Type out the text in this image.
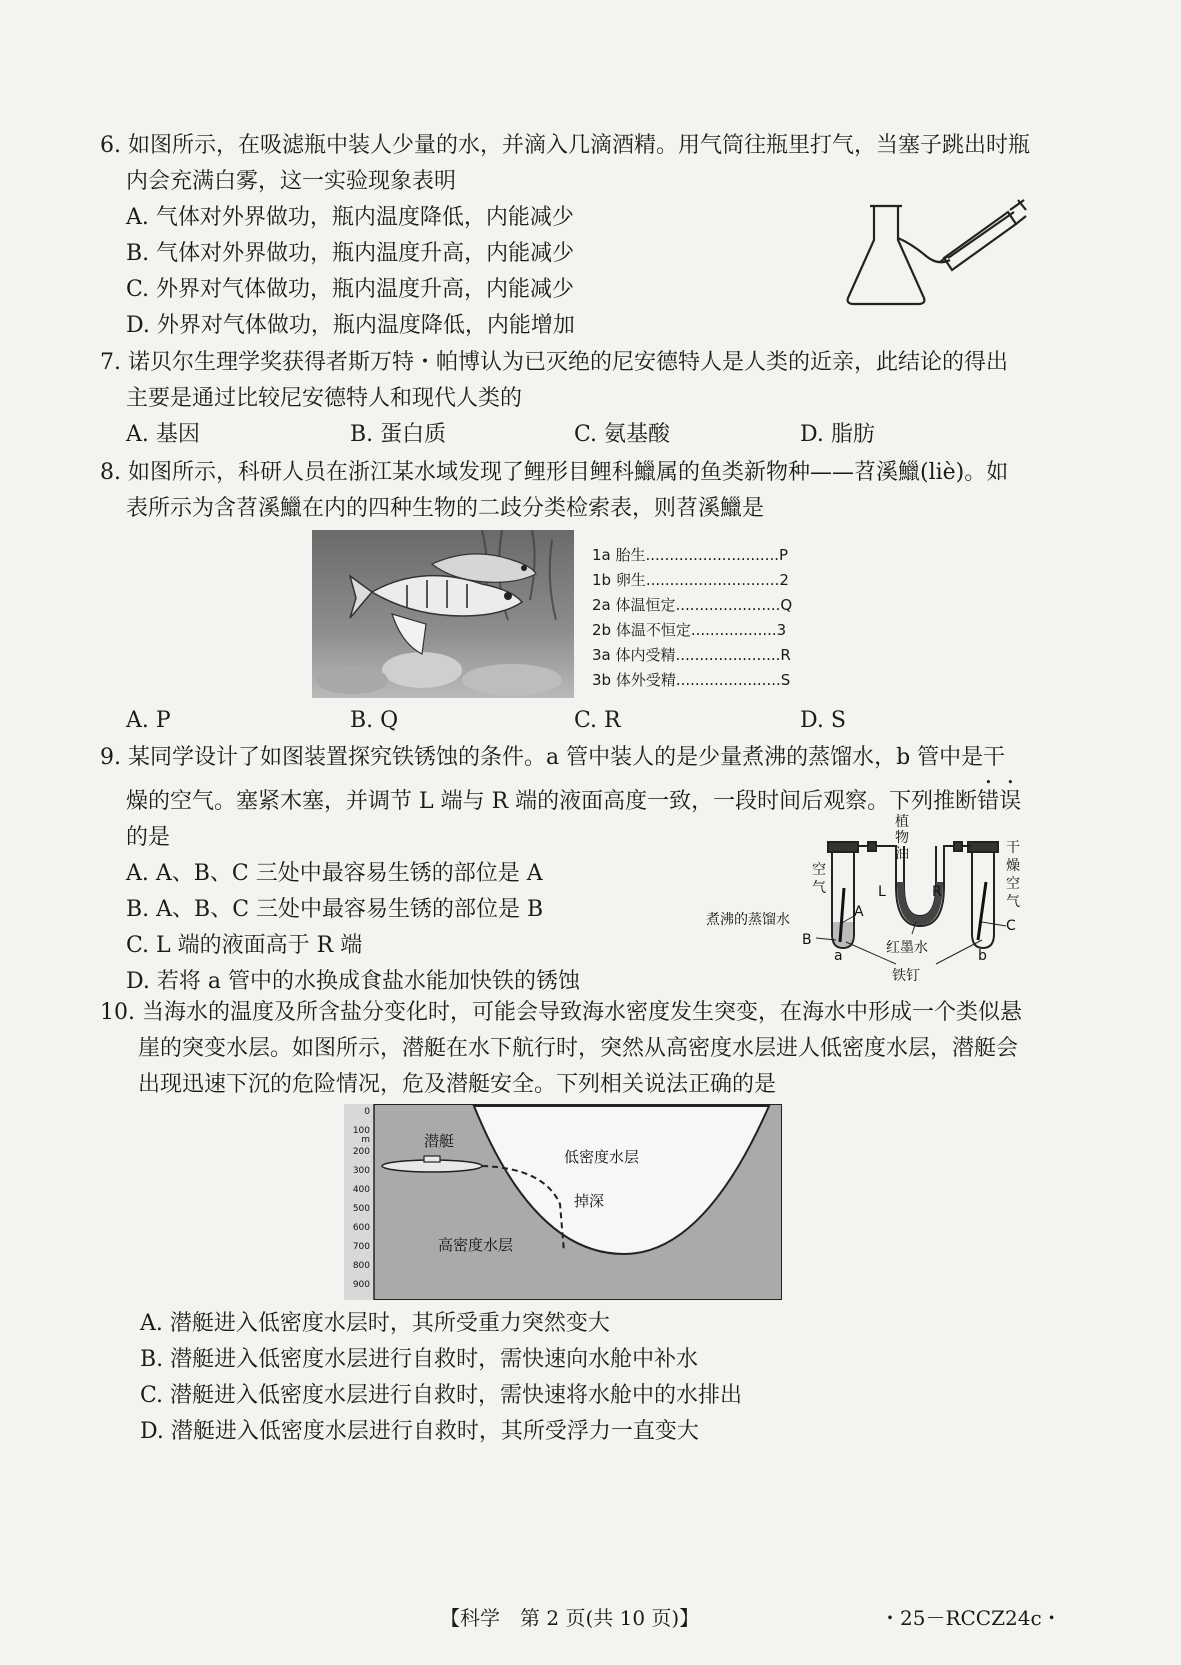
6. 如图所示，在吸滤瓶中装人少量的水，并滴入几滴酒精。用气筒往瓶里打气，当塞子跳出时瓶
内会充满白雾，这一实验现象表明
A. 气体对外界做功，瓶内温度降低，内能减少
B. 气体对外界做功，瓶内温度升高，内能减少
C. 外界对气体做功，瓶内温度升高，内能减少
D. 外界对气体做功，瓶内温度降低，内能增加
7. 诺贝尔生理学奖获得者斯万特・帕博认为已灭绝的尼安德特人是人类的近亲，此结论的得出
主要是通过比较尼安德特人和现代人类的
A. 基因	B. 蛋白质	C. 氨基酸	D. 脂肪
8. 如图所示，科研人员在浙江某水域发现了鲤形目鲤科鱲属的鱼类新物种——苕溪鱲(liè)。如
表所示为含苕溪鱲在内的四种生物的二歧分类检索表，则苕溪鱲是
1a 胎生............................P
1b 卵生............................2
2a 体温恒定......................Q
2b 体温不恒定..................3
3a 体内受精......................R
3b 体外受精......................S
A. P	B. Q	C. R	D. S
9. 某同学设计了如图装置探究铁锈蚀的条件。a 管中装人的是少量煮沸的蒸馏水，b 管中是干
燥的空气。塞紧木塞，并调节 L 端与 R 端的液面高度一致，一段时间后观察。下列推断错误
的是
A. A、B、C 三处中最容易生锈的部位是 A
B. A、B、C 三处中最容易生锈的部位是 B
C. L 端的液面高于 R 端
D. 若将 a 管中的水换成食盐水能加快铁的锈蚀
植
物
油
空
气
干
燥
空
气
A
L	R
煮沸的蒸馏水
B
C
a	b
红墨水
铁钉
10. 当海水的温度及所含盐分变化时，可能会导致海水密度发生突变，在海水中形成一个类似悬
崖的突变水层。如图所示，潜艇在水下航行时，突然从高密度水层进人低密度水层，潜艇会
出现迅速下沉的危险情况，危及潜艇安全。下列相关说法正确的是
0
100
m
200
300
400
500
600
700
800
900
潜艇
低密度水层
掉深
高密度水层
A. 潜艇进入低密度水层时，其所受重力突然变大
B. 潜艇进入低密度水层进行自救时，需快速向水舱中补水
C. 潜艇进入低密度水层进行自救时，需快速将水舱中的水排出
D. 潜艇进入低密度水层进行自救时，其所受浮力一直变大
【科学　第 2 页(共 10 页)】	・25－RCCZ24c・
